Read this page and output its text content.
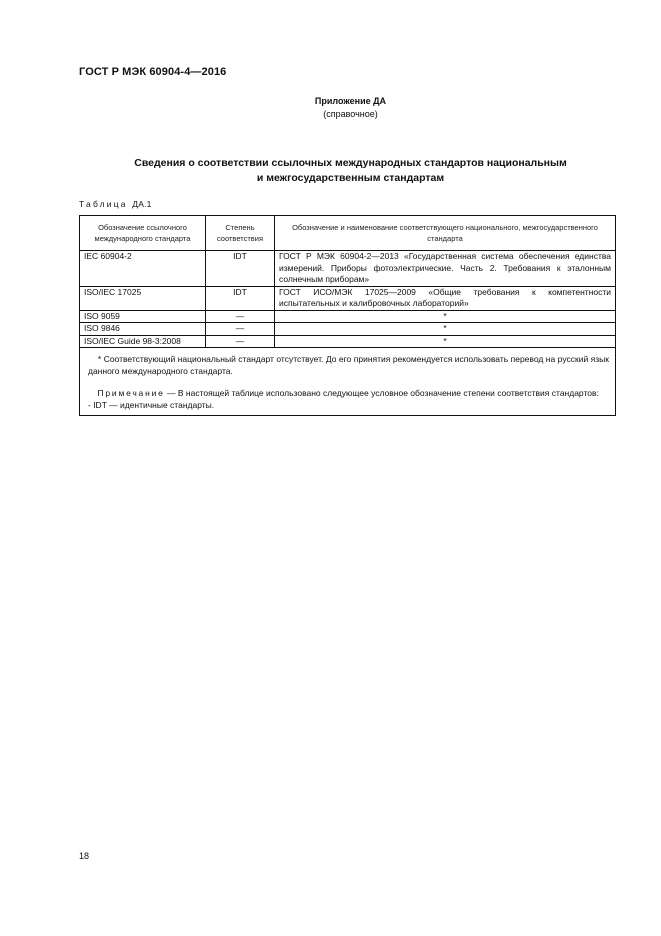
ГОСТ Р МЭК 60904-4—2016
Приложение ДА
(справочное)
Сведения о соответствии ссылочных международных стандартов национальным
и межгосударственным стандартам
Таблица ДА.1
Обозначение ссылочного международного стандарта	Степень соответствия	Обозначение и наименование соответствующего национального, межгосударственного стандарта
IEC 60904-2	IDT	ГОСТ Р МЭК 60904-2—2013 «Государственная система обеспечения единства измерений. Приборы фотоэлектрические. Часть 2. Требования к эталонным солнечным приборам»
ISO/IEC 17025	IDT	ГОСТ ИСО/МЭК 17025—2009 «Общие требования к компетентности испытательных и калибровочных лабораторий»
ISO 9059	—	*
ISO 9846	—	*
ISO/IEC Guide 98-3:2008	—	*

* Соответствующий национальный стандарт отсутствует. До его принятия рекомендуется использовать перевод на русский язык данного международного стандарта.

Примечание — В настоящей таблице использовано следующее условное обозначение степени соответствия стандартов:

- IDT — идентичные стандарты.		

18
